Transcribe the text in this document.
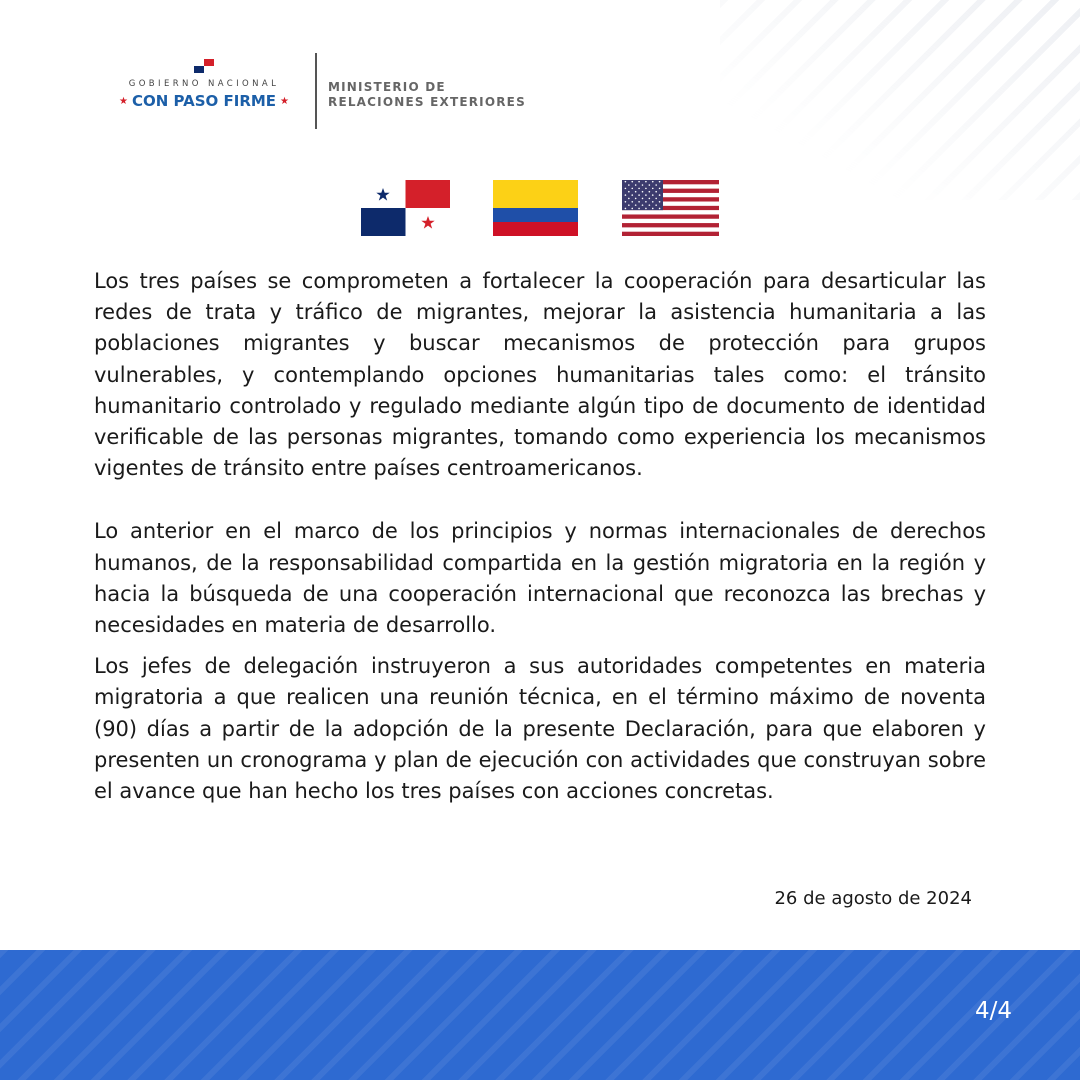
GOBIERNO NACIONAL
★ CON PASO FIRME ★
MINISTERIO DE
RELACIONES EXTERIORES

Los tres países se comprometen a fortalecer la cooperación para desarticular las redes de trata y tráfico de migrantes, mejorar la asistencia humanitaria a las poblaciones migrantes y buscar mecanismos de protección para grupos vulnerables, y contemplando opciones humanitarias tales como: el tránsito humanitario controlado y regulado mediante algún tipo de documento de identidad verificable de las personas migrantes, tomando como experiencia los mecanismos vigentes de tránsito entre países centroamericanos.

Lo anterior en el marco de los principios y normas internacionales de derechos humanos, de la responsabilidad compartida en la gestión migratoria en la región y hacia la búsqueda de una cooperación internacional que reconozca las brechas y necesidades en materia de desarrollo.

Los jefes de delegación instruyeron a sus autoridades competentes en materia migratoria a que realicen una reunión técnica, en el término máximo de noventa (90) días a partir de la adopción de la presente Declaración, para que elaboren y presenten un cronograma y plan de ejecución con actividades que construyan sobre el avance que han hecho los tres países con acciones concretas.

26 de agosto de 2024
4/4
